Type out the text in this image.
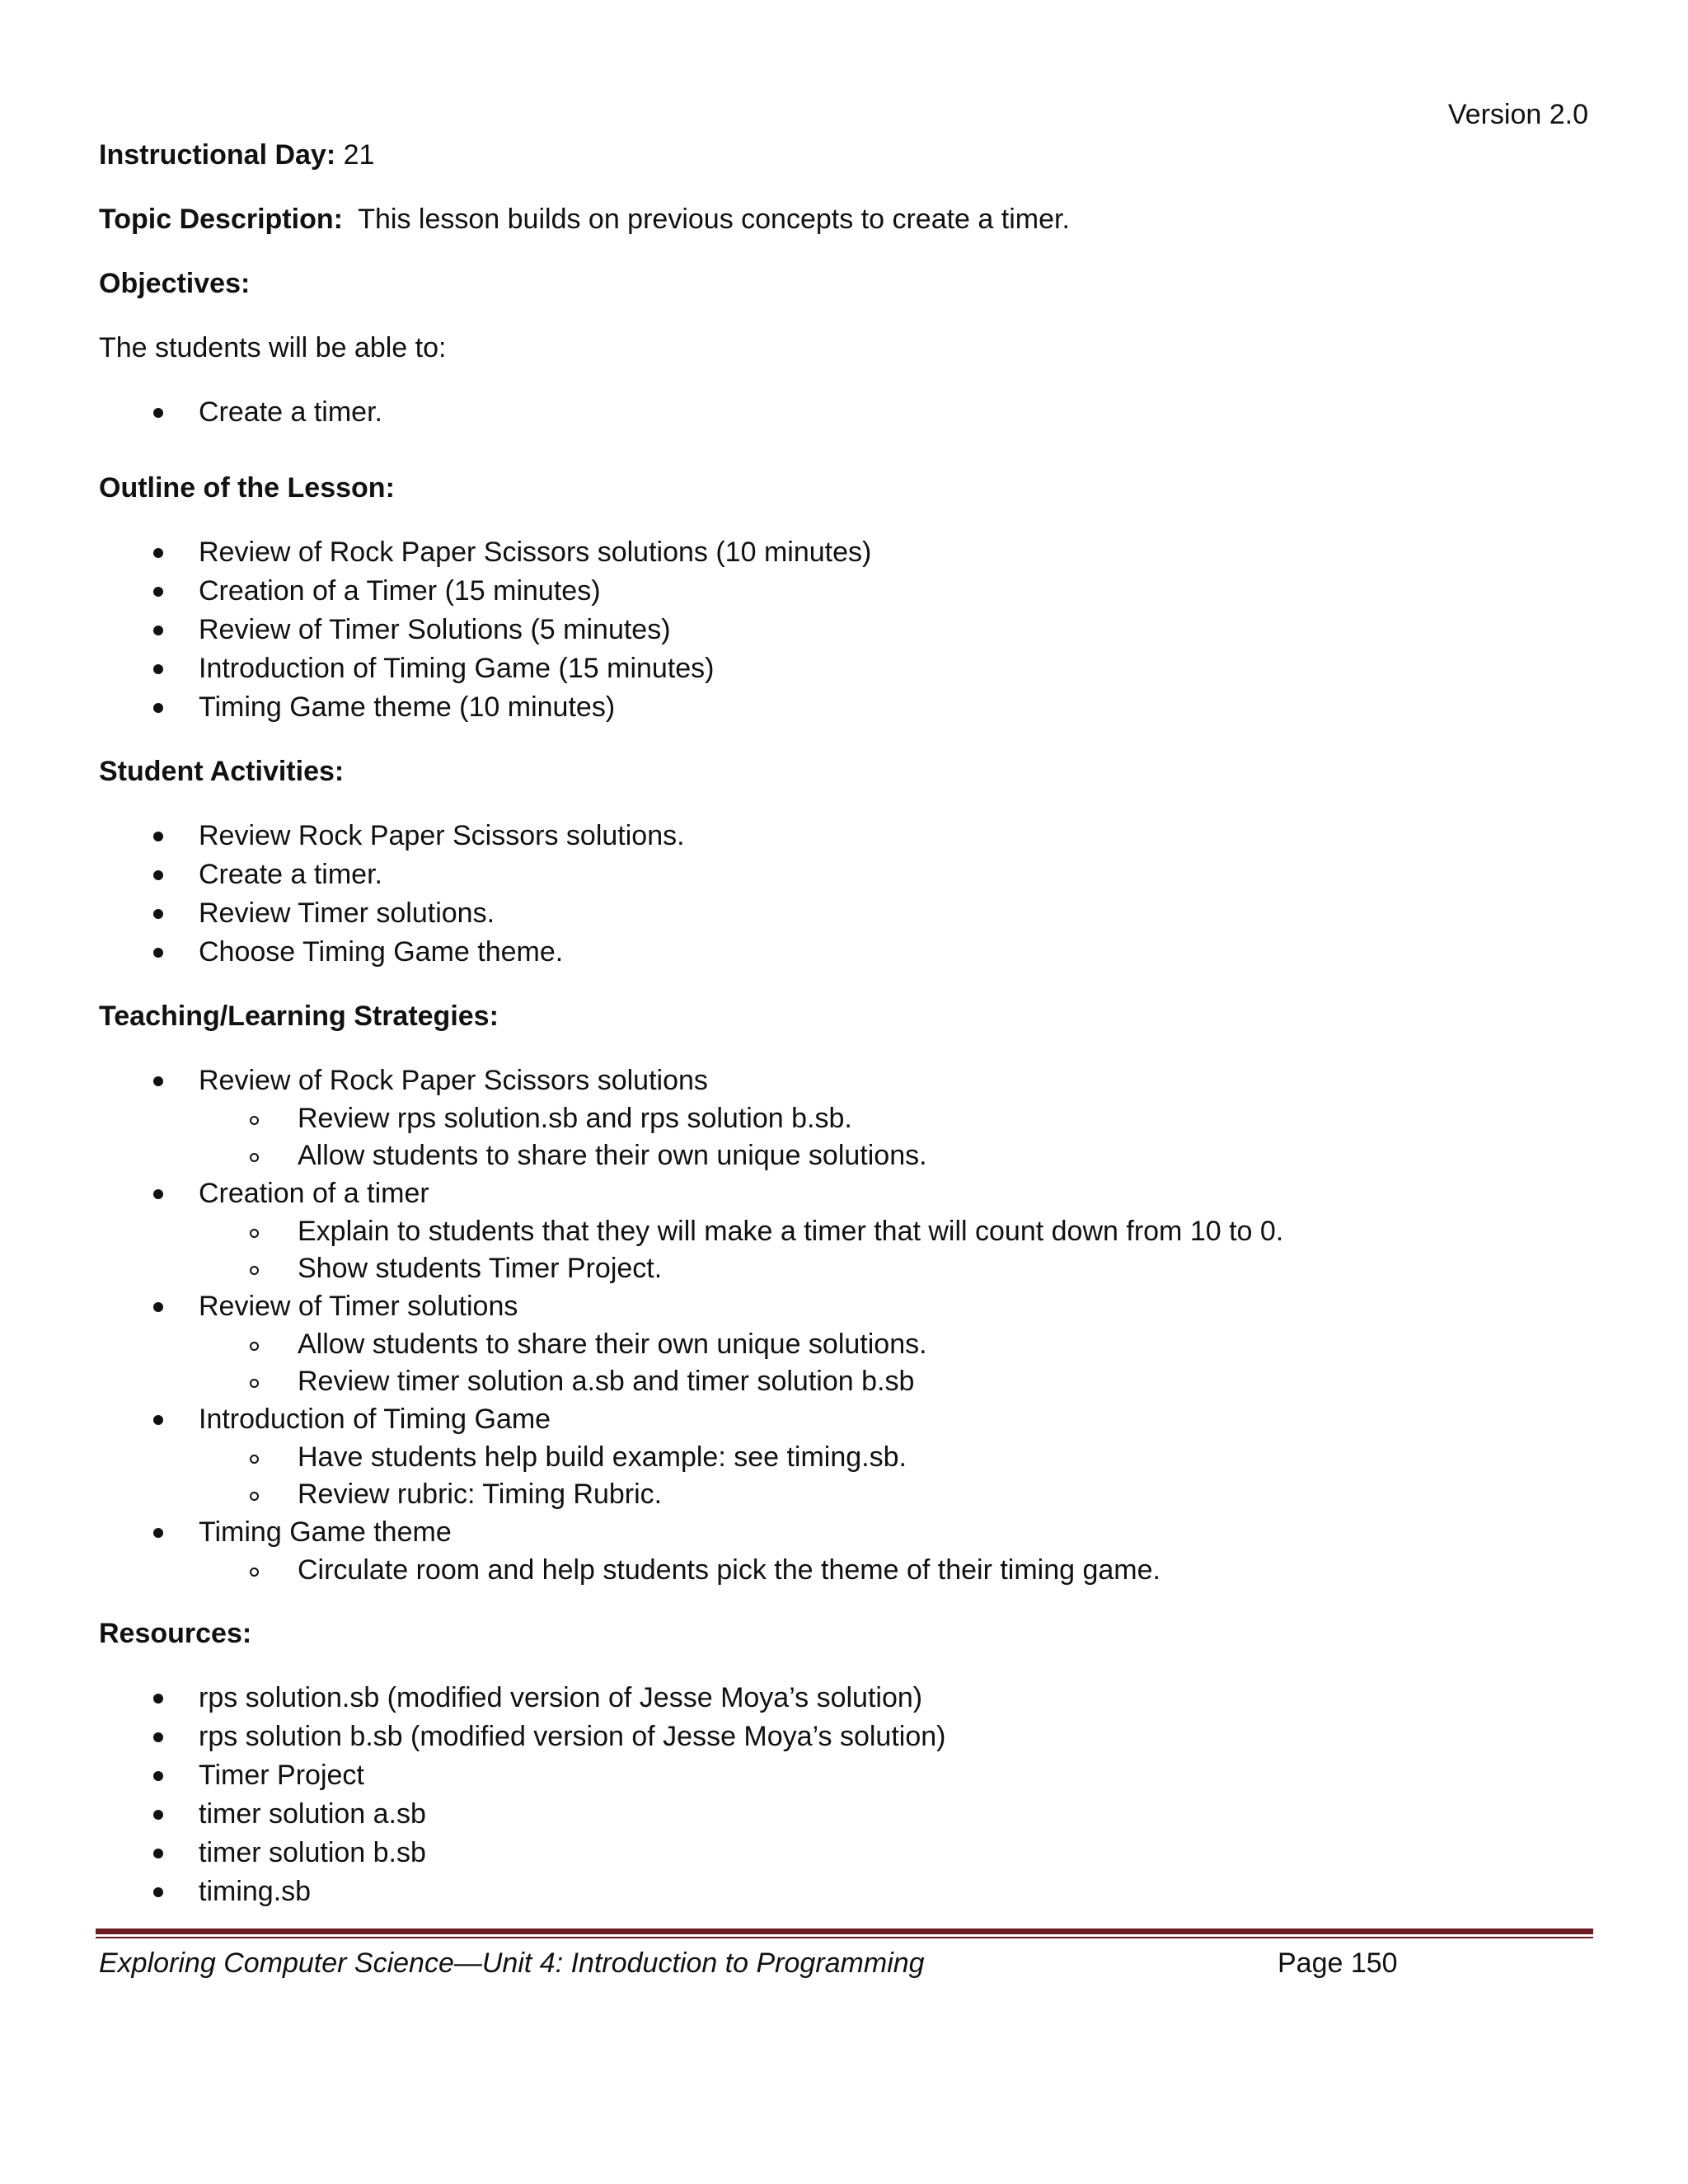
Version 2.0

Instructional Day: 21

Topic Description:  This lesson builds on previous concepts to create a timer.

Objectives:

The students will be able to:

Create a timer.

Outline of the Lesson:

Review of Rock Paper Scissors solutions (10 minutes)
Creation of a Timer (15 minutes)
Review of Timer Solutions (5 minutes)
Introduction of Timing Game (15 minutes)
Timing Game theme (10 minutes)

Student Activities:

Review Rock Paper Scissors solutions.
Create a timer.
Review Timer solutions.
Choose Timing Game theme.

Teaching/Learning Strategies:

Review of Rock Paper Scissors solutions
Review rps solution.sb and rps solution b.sb.
Allow students to share their own unique solutions.
Creation of a timer
Explain to students that they will make a timer that will count down from 10 to 0.
Show students Timer Project.
Review of Timer solutions
Allow students to share their own unique solutions.
Review timer solution a.sb and timer solution b.sb
Introduction of Timing Game
Have students help build example: see timing.sb.
Review rubric: Timing Rubric.
Timing Game theme
Circulate room and help students pick the theme of their timing game.

Resources:

rps solution.sb (modified version of Jesse Moya’s solution)
rps solution b.sb (modified version of Jesse Moya’s solution)
Timer Project
timer solution a.sb
timer solution b.sb
timing.sb
Exploring Computer Science—Unit 4: Introduction to Programming	Page 150
